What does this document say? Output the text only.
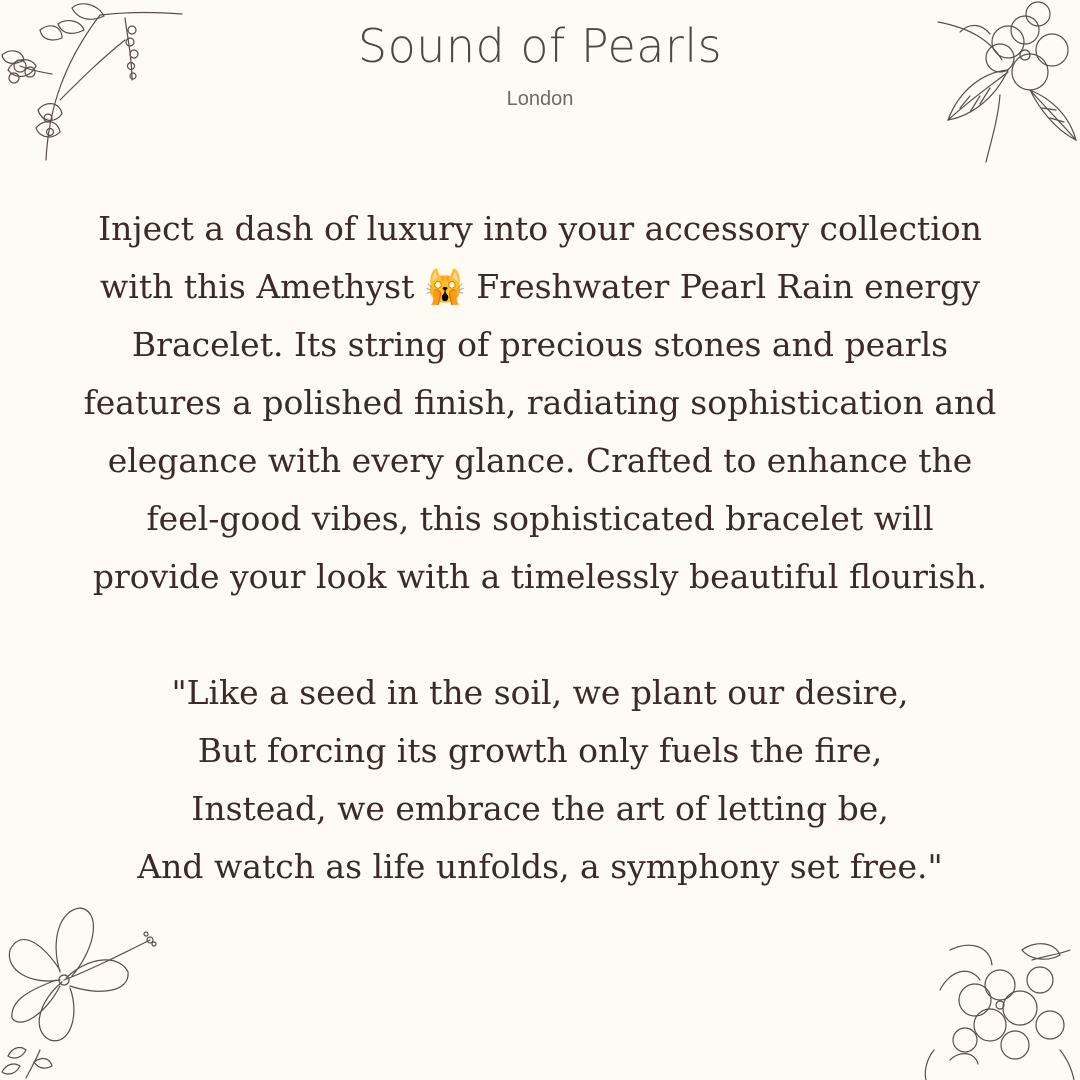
Sound of Pearls
London
Inject a dash of luxury into your accessory collection
with this Amethyst 🙀 Freshwater Pearl Rain energy
Bracelet. Its string of precious stones and pearls
features a polished finish, radiating sophistication and
elegance with every glance. Crafted to enhance the
feel-good vibes, this sophisticated bracelet will
provide your look with a timelessly beautiful flourish.
"Like a seed in the soil, we plant our desire,
But forcing its growth only fuels the fire,
Instead, we embrace the art of letting be,
And watch as life unfolds, a symphony set free."
